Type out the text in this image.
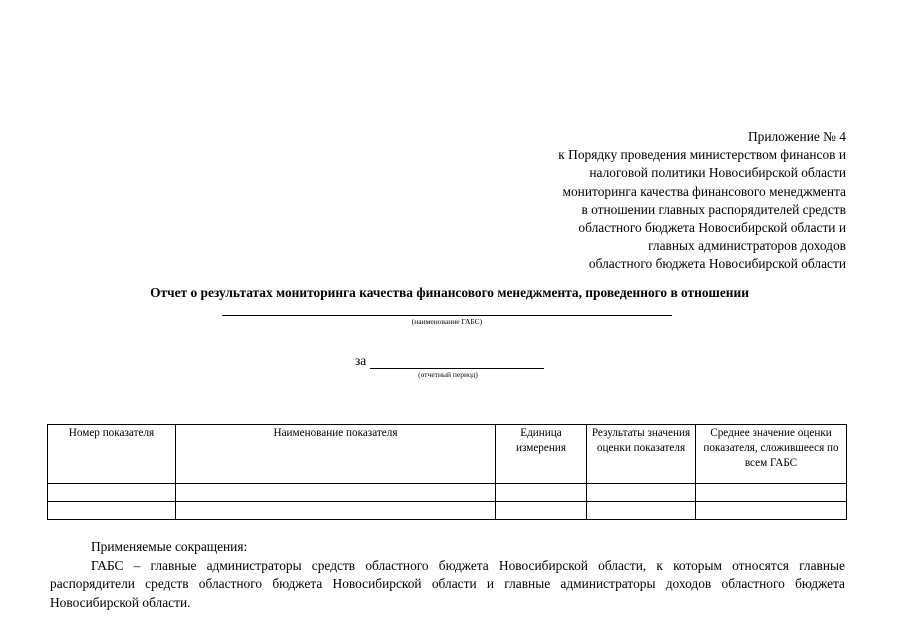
Приложение № 4
к Порядку проведения министерством финансов и
налоговой политики Новосибирской области
мониторинга качества финансового менеджмента
в отношении главных распорядителей средств
областного бюджета Новосибирской области и
главных администраторов доходов
областного бюджета Новосибирской области
Отчет о результатах мониторинга качества финансового менеджмента, проведенного в отношении
(наименование ГАБС)
за
(отчетный период)
Номер показателя	Наименование показателя	Единица измерения	Результаты значения оценки показателя	Среднее значение оценки показателя, сложившееся по всем ГАБС

Применяемые сокращения:
ГАБС – главные администраторы средств областного бюджета Новосибирской области, к которым относятся главные распорядители средств областного бюджета Новосибирской области и главные администраторы доходов областного бюджета Новосибирской области.
